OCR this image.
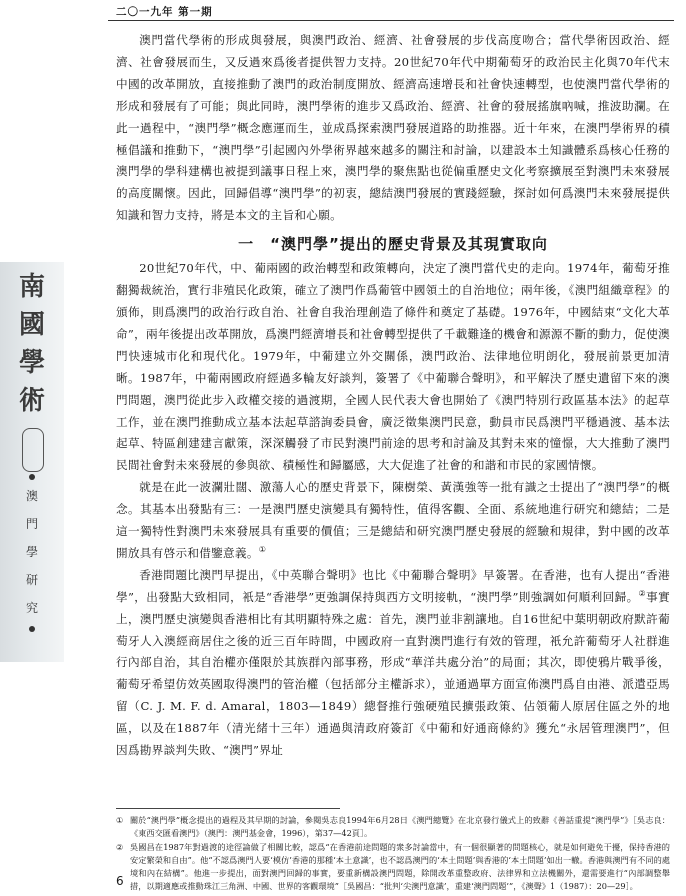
二〇一九年 第一期
南
國
學
術
澳
門
學
研
究

澳門當代學術的形成與發展，與澳門政治、經濟、社會發展的步伐高度吻合；當代學術因政治、經濟、社會發展而生，又反過來爲後者提供智力支持。20世紀70年代中期葡萄牙的政治民主化與70年代末中國的改革開放，直接推動了澳門的政治制度開放、經濟高速增長和社會快速轉型，也使澳門當代學術的形成和發展有了可能；與此同時，澳門學術的進步又爲政治、經濟、社會的發展搖旗吶喊，推波助瀾。在此一過程中，“澳門學”概念應運而生，並成爲探索澳門發展道路的助推器。近十年來，在澳門學術界的積極倡議和推動下，“澳門學”引起國內外學術界越來越多的關注和討論，以建設本土知識體系爲核心任務的澳門學的學科建構也被提到議事日程上來，澳門學的聚焦點也從偏重歷史文化考察擴展至對澳門未來發展的高度關懷。因此，回歸倡導“澳門學”的初衷，總結澳門發展的實踐經驗，探討如何爲澳門未來發展提供知識和智力支持，將是本文的主旨和心願。

一　“澳門學”提出的歷史背景及其現實取向

20世紀70年代，中、葡兩國的政治轉型和政策轉向，決定了澳門當代史的走向。1974年，葡萄牙推翻獨裁統治，實行非殖民化政策，確立了澳門作爲葡管中國領土的自治地位；兩年後，《澳門組織章程》的頒佈，則爲澳門的政治行政自治、社會自我治理創造了條件和奠定了基礎。1976年，中國結束“文化大革命”，兩年後提出改革開放，爲澳門經濟增長和社會轉型提供了千載難逢的機會和源源不斷的動力，促使澳門快速城市化和現代化。1979年，中葡建立外交關係，澳門政治、法律地位明朗化，發展前景更加清晰。1987年，中葡兩國政府經過多輪友好談判，簽署了《中葡聯合聲明》，和平解決了歷史遺留下來的澳門問題，澳門從此步入政權交接的過渡期，全國人民代表大會也開始了《澳門特別行政區基本法》的起草工作，並在澳門推動成立基本法起草諮詢委員會，廣泛徵集澳門民意，動員市民爲澳門平穩過渡、基本法起草、特區創建建言獻策，深深觸發了市民對澳門前途的思考和討論及其對未來的憧憬，大大推動了澳門民間社會對未來發展的參與欲、積極性和歸屬感，大大促進了社會的和諧和市民的家國情懷。

就是在此一波瀾壯闊、激蕩人心的歷史背景下，陳樹榮、黃漢強等一批有識之士提出了“澳門學”的概念。其基本出發點有三：一是澳門歷史演變具有獨特性，值得客觀、全面、系統地進行研究和總結；二是這一獨特性對澳門未來發展具有重要的價值；三是總結和研究澳門歷史發展的經驗和規律，對中國的改革開放具有啓示和借鑒意義。①

香港問題比澳門早提出，《中英聯合聲明》也比《中葡聯合聲明》早簽署。在香港，也有人提出“香港學”，出發點大致相同，衹是“香港學”更強調保持與西方文明接軌，“澳門學”則強調如何順利回歸。②事實上，澳門歷史演變與香港相比有其明顯特殊之處：首先，澳門並非割讓地。自16世紀中葉明朝政府默許葡萄牙人入澳經商居住之後的近三百年時間，中國政府一直對澳門進行有效的管理，衹允許葡萄牙人社群進行內部自治，其自治權亦僅限於其族群內部事務，形成“華洋共處分治”的局面；其次，即使鴉片戰爭後，葡萄牙希望仿效英國取得澳門的管治權（包括部分主權訴求），並通過單方面宣佈澳門爲自由港、派遣亞馬留（C. J. M. F. d. Amaral，1803—1849）總督推行強硬殖民擴張政策、佔領葡人原居住區之外的地區，以及在1887年（清光緒十三年）通過與清政府簽訂《中葡和好通商條約》獲允“永居管理澳門”，但因爲勘界談判失敗、“澳門”界址

① 關於“澳門學”概念提出的過程及其早期的討論，參閱吳志良1994年6月28日《澳門總覽》在北京發行儀式上的致辭《善話重提“澳門學”》［吳志良：《東西交匯看澳門》（澳門：澳門基金會，1996），第37—42頁］。
② 吳國昌在1987年對過渡的途徑論做了相關比較，認爲“在香港前途問題的衆多討論當中，有一個很顯著的問題核心，就是如何避免干擾，保持香港的安定繁榮和自由”。他“不認爲澳門人要‘模仿’香港的那種‘本土意識’，也不認爲澳門的‘本土問題’與香港的‘本土問題’如出一轍。香港與澳門有不同的處境和內在結構”。他進一步提出，面對澳門回歸的事實，要重新構設澳門問題，除開改革重整政府、法律界和立法機關外，還需要進行“內部調整舉措，以期適應或推動珠江三角洲、中國、世界的客觀環境”［吳國昌：“批判‘尖澳門意識’，重建‘澳門問題’”，《澳聲》1（1987）：20—29］。
6
